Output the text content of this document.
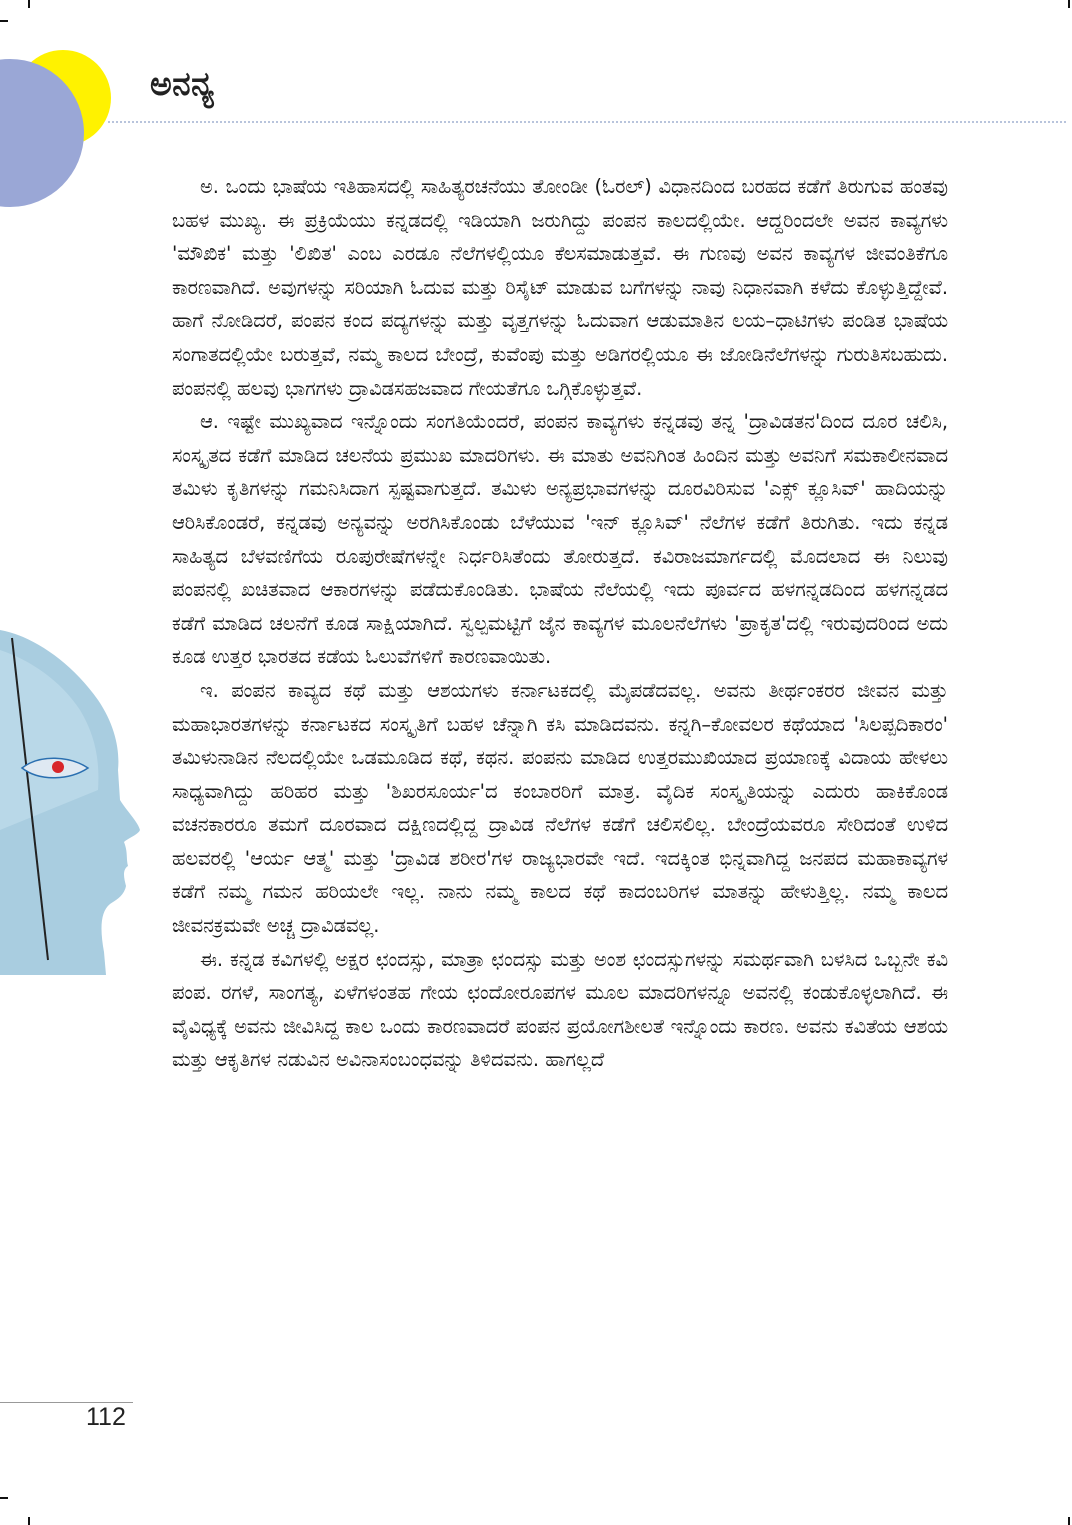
ಅನನ್ಯ

ಅ. ಒಂದು ಭಾಷೆಯ ಇತಿಹಾಸದಲ್ಲಿ ಸಾಹಿತ್ಯರಚನೆಯು ತೋಂಡೀ (ಓರಲ್) ವಿಧಾನದಿಂದ ಬರಹದ ಕಡೆಗೆ ತಿರುಗುವ ಹಂತವು ಬಹಳ ಮುಖ್ಯ. ಈ ಪ್ರಕ್ರಿಯೆಯು ಕನ್ನಡದಲ್ಲಿ ಇಡಿಯಾಗಿ ಜರುಗಿದ್ದು ಪಂಪನ ಕಾಲದಲ್ಲಿಯೇ. ಆದ್ದರಿಂದಲೇ ಅವನ ಕಾವ್ಯಗಳು 'ಮೌಖಿಕ' ಮತ್ತು 'ಲಿಖಿತ' ಎಂಬ ಎರಡೂ ನೆಲೆಗಳಲ್ಲಿಯೂ ಕೆಲಸಮಾಡುತ್ತವೆ. ಈ ಗುಣವು ಅವನ ಕಾವ್ಯಗಳ ಜೀವಂತಿಕೆಗೂ ಕಾರಣವಾಗಿದೆ. ಅವುಗಳನ್ನು ಸರಿಯಾಗಿ ಓದುವ ಮತ್ತು ರಿಸೈಟ್ ಮಾಡುವ ಬಗೆಗಳನ್ನು ನಾವು ನಿಧಾನವಾಗಿ ಕಳೆದು ಕೊಳ್ಳುತ್ತಿದ್ದೇವೆ. ಹಾಗೆ ನೋಡಿದರೆ, ಪಂಪನ ಕಂದ ಪದ್ಯಗಳನ್ನು ಮತ್ತು ವೃತ್ತಗಳನ್ನು ಓದುವಾಗ ಆಡುಮಾತಿನ ಲಯ–ಧಾಟಿಗಳು ಪಂಡಿತ ಭಾಷೆಯ ಸಂಗಾತದಲ್ಲಿಯೇ ಬರುತ್ತವೆ, ನಮ್ಮ ಕಾಲದ ಬೇಂದ್ರೆ, ಕುವೆಂಪು ಮತ್ತು ಅಡಿಗರಲ್ಲಿಯೂ ಈ ಜೋಡಿನೆಲೆಗಳನ್ನು ಗುರುತಿಸಬಹುದು. ಪಂಪನಲ್ಲಿ ಹಲವು ಭಾಗಗಳು ದ್ರಾವಿಡಸಹಜವಾದ ಗೇಯತೆಗೂ ಒಗ್ಗಿಕೊಳ್ಳುತ್ತವೆ.

ಆ. ಇಷ್ಟೇ ಮುಖ್ಯವಾದ ಇನ್ನೊಂದು ಸಂಗತಿಯೆಂದರೆ, ಪಂಪನ ಕಾವ್ಯಗಳು ಕನ್ನಡವು ತನ್ನ 'ದ್ರಾವಿಡತನ'ದಿಂದ ದೂರ ಚಲಿಸಿ, ಸಂಸ್ಕೃತದ ಕಡೆಗೆ ಮಾಡಿದ ಚಲನೆಯ ಪ್ರಮುಖ ಮಾದರಿಗಳು. ಈ ಮಾತು ಅವನಿಗಿಂತ ಹಿಂದಿನ ಮತ್ತು ಅವನಿಗೆ ಸಮಕಾಲೀನವಾದ ತಮಿಳು ಕೃತಿಗಳನ್ನು ಗಮನಿಸಿದಾಗ ಸ್ಪಷ್ಟವಾಗುತ್ತದೆ. ತಮಿಳು ಅನ್ಯಪ್ರಭಾವಗಳನ್ನು ದೂರವಿರಿಸುವ 'ಎಕ್ಸ್ ಕ್ಲೂಸಿವ್' ಹಾದಿಯನ್ನು ಆರಿಸಿಕೊಂಡರೆ, ಕನ್ನಡವು ಅನ್ಯವನ್ನು ಅರಗಿಸಿಕೊಂಡು ಬೆಳೆಯುವ 'ಇನ್ ಕ್ಲೂಸಿವ್' ನೆಲೆಗಳ ಕಡೆಗೆ ತಿರುಗಿತು. ಇದು ಕನ್ನಡ ಸಾಹಿತ್ಯದ ಬೆಳವಣಿಗೆಯ ರೂಪುರೇಷೆಗಳನ್ನೇ ನಿರ್ಧರಿಸಿತೆಂದು ತೋರುತ್ತದೆ. ಕವಿರಾಜಮಾರ್ಗದಲ್ಲಿ ಮೊದಲಾದ ಈ ನಿಲುವು ಪಂಪನಲ್ಲಿ ಖಚಿತವಾದ ಆಕಾರಗಳನ್ನು ಪಡೆದುಕೊಂಡಿತು. ಭಾಷೆಯ ನೆಲೆಯಲ್ಲಿ ಇದು ಪೂರ್ವದ ಹಳಗನ್ನಡದಿಂದ ಹಳಗನ್ನಡದ ಕಡೆಗೆ ಮಾಡಿದ ಚಲನೆಗೆ ಕೂಡ ಸಾಕ್ಷಿಯಾಗಿದೆ. ಸ್ವಲ್ಪಮಟ್ಟಿಗೆ ಜೈನ ಕಾವ್ಯಗಳ ಮೂಲನೆಲೆಗಳು 'ಪ್ರಾಕೃತ'ದಲ್ಲಿ ಇರುವುದರಿಂದ ಅದು ಕೂಡ ಉತ್ತರ ಭಾರತದ ಕಡೆಯ ಓಲುವೆಗಳಿಗೆ ಕಾರಣವಾಯಿತು.

ಇ. ಪಂಪನ ಕಾವ್ಯದ ಕಥೆ ಮತ್ತು ಆಶಯಗಳು ಕರ್ನಾಟಕದಲ್ಲಿ ಮೈಪಡೆದವಲ್ಲ. ಅವನು ತೀರ್ಥಂಕರರ ಜೀವನ ಮತ್ತು ಮಹಾಭಾರತಗಳನ್ನು ಕರ್ನಾಟಕದ ಸಂಸ್ಕೃತಿಗೆ ಬಹಳ ಚೆನ್ನಾಗಿ ಕಸಿ ಮಾಡಿದವನು. ಕನ್ನಗಿ–ಕೋವಲರ ಕಥೆಯಾದ 'ಸಿಲಪ್ಪದಿಕಾರಂ' ತಮಿಳುನಾಡಿನ ನೆಲದಲ್ಲಿಯೇ ಒಡಮೂಡಿದ ಕಥೆ, ಕಥನ. ಪಂಪನು ಮಾಡಿದ ಉತ್ತರಮುಖಿಯಾದ ಪ್ರಯಾಣಕ್ಕೆ ವಿದಾಯ ಹೇಳಲು ಸಾಧ್ಯವಾಗಿದ್ದು ಹರಿಹರ ಮತ್ತು 'ಶಿಖರಸೂರ್ಯ'ದ ಕಂಬಾರರಿಗೆ ಮಾತ್ರ. ವೈದಿಕ ಸಂಸ್ಕೃತಿಯನ್ನು ಎದುರು ಹಾಕಿಕೊಂಡ ವಚನಕಾರರೂ ತಮಗೆ ದೂರವಾದ ದಕ್ಷಿಣದಲ್ಲಿದ್ದ ದ್ರಾವಿಡ ನೆಲೆಗಳ ಕಡೆಗೆ ಚಲಿಸಲಿಲ್ಲ. ಬೇಂದ್ರೆಯವರೂ ಸೇರಿದಂತೆ ಉಳಿದ ಹಲವರಲ್ಲಿ 'ಆರ್ಯ ಆತ್ಮ' ಮತ್ತು 'ದ್ರಾವಿಡ ಶರೀರ'ಗಳ ರಾಜ್ಯಭಾರವೇ ಇದೆ. ಇದಕ್ಕಿಂತ ಭಿನ್ನವಾಗಿದ್ದ ಜನಪದ ಮಹಾಕಾವ್ಯಗಳ ಕಡೆಗೆ ನಮ್ಮ ಗಮನ ಹರಿಯಲೇ ಇಲ್ಲ. ನಾನು ನಮ್ಮ ಕಾಲದ ಕಥೆ ಕಾದಂಬರಿಗಳ ಮಾತನ್ನು ಹೇಳುತ್ತಿಲ್ಲ. ನಮ್ಮ ಕಾಲದ ಜೀವನಕ್ರಮವೇ ಅಚ್ಚ ದ್ರಾವಿಡವಲ್ಲ.

ಈ. ಕನ್ನಡ ಕವಿಗಳಲ್ಲಿ ಅಕ್ಷರ ಛಂದಸ್ಸು, ಮಾತ್ರಾ ಛಂದಸ್ಸು ಮತ್ತು ಅಂಶ ಛಂದಸ್ಸುಗಳನ್ನು ಸಮರ್ಥವಾಗಿ ಬಳಸಿದ ಒಬ್ಬನೇ ಕವಿ ಪಂಪ. ರಗಳೆ, ಸಾಂಗತ್ಯ, ಏಳೆಗಳಂತಹ ಗೇಯ ಛಂದೋರೂಪಗಳ ಮೂಲ ಮಾದರಿಗಳನ್ನೂ ಅವನಲ್ಲಿ ಕಂಡುಕೊಳ್ಳಲಾಗಿದೆ. ಈ ವೈವಿಧ್ಯಕ್ಕೆ ಅವನು ಜೀವಿಸಿದ್ದ ಕಾಲ ಒಂದು ಕಾರಣವಾದರೆ ಪಂಪನ ಪ್ರಯೋಗಶೀಲತೆ ಇನ್ನೊಂದು ಕಾರಣ. ಅವನು ಕವಿತೆಯ ಆಶಯ ಮತ್ತು ಆಕೃತಿಗಳ ನಡುವಿನ ಅವಿನಾಸಂಬಂಧವನ್ನು ತಿಳಿದವನು. ಹಾಗಲ್ಲದೆ

112
